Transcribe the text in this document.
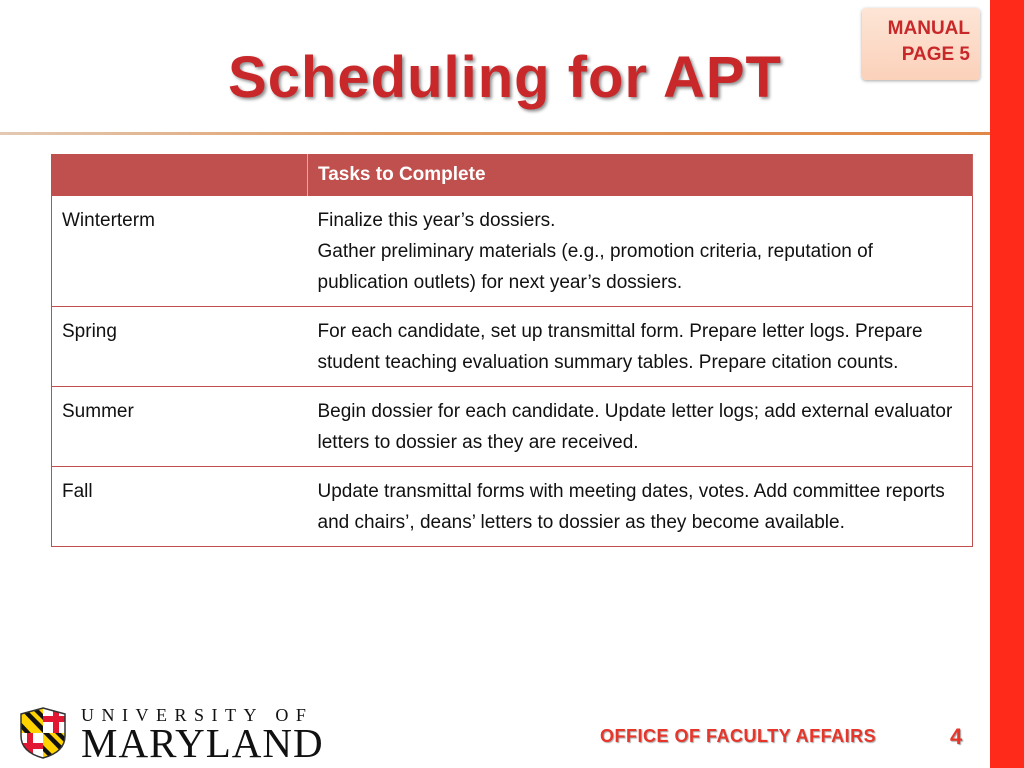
Scheduling for APT
MANUAL
PAGE 5
	Tasks to Complete
Winterterm	Finalize this year’s dossiers.
Gather preliminary materials (e.g., promotion criteria, reputation of publication outlets) for next year’s dossiers.

Spring	For each candidate, set up transmittal form. Prepare letter logs. Prepare student teaching evaluation summary tables. Prepare citation counts.

Summer	Begin dossier for each candidate. Update letter logs; add external evaluator letters to dossier as they are received.

Fall	Update transmittal forms with meeting dates, votes. Add committee reports and chairs’, deans’ letters to dossier as they become available.
UNIVERSITY OF
MARYLAND	OFFICE OF FACULTY AFFAIRS	4
